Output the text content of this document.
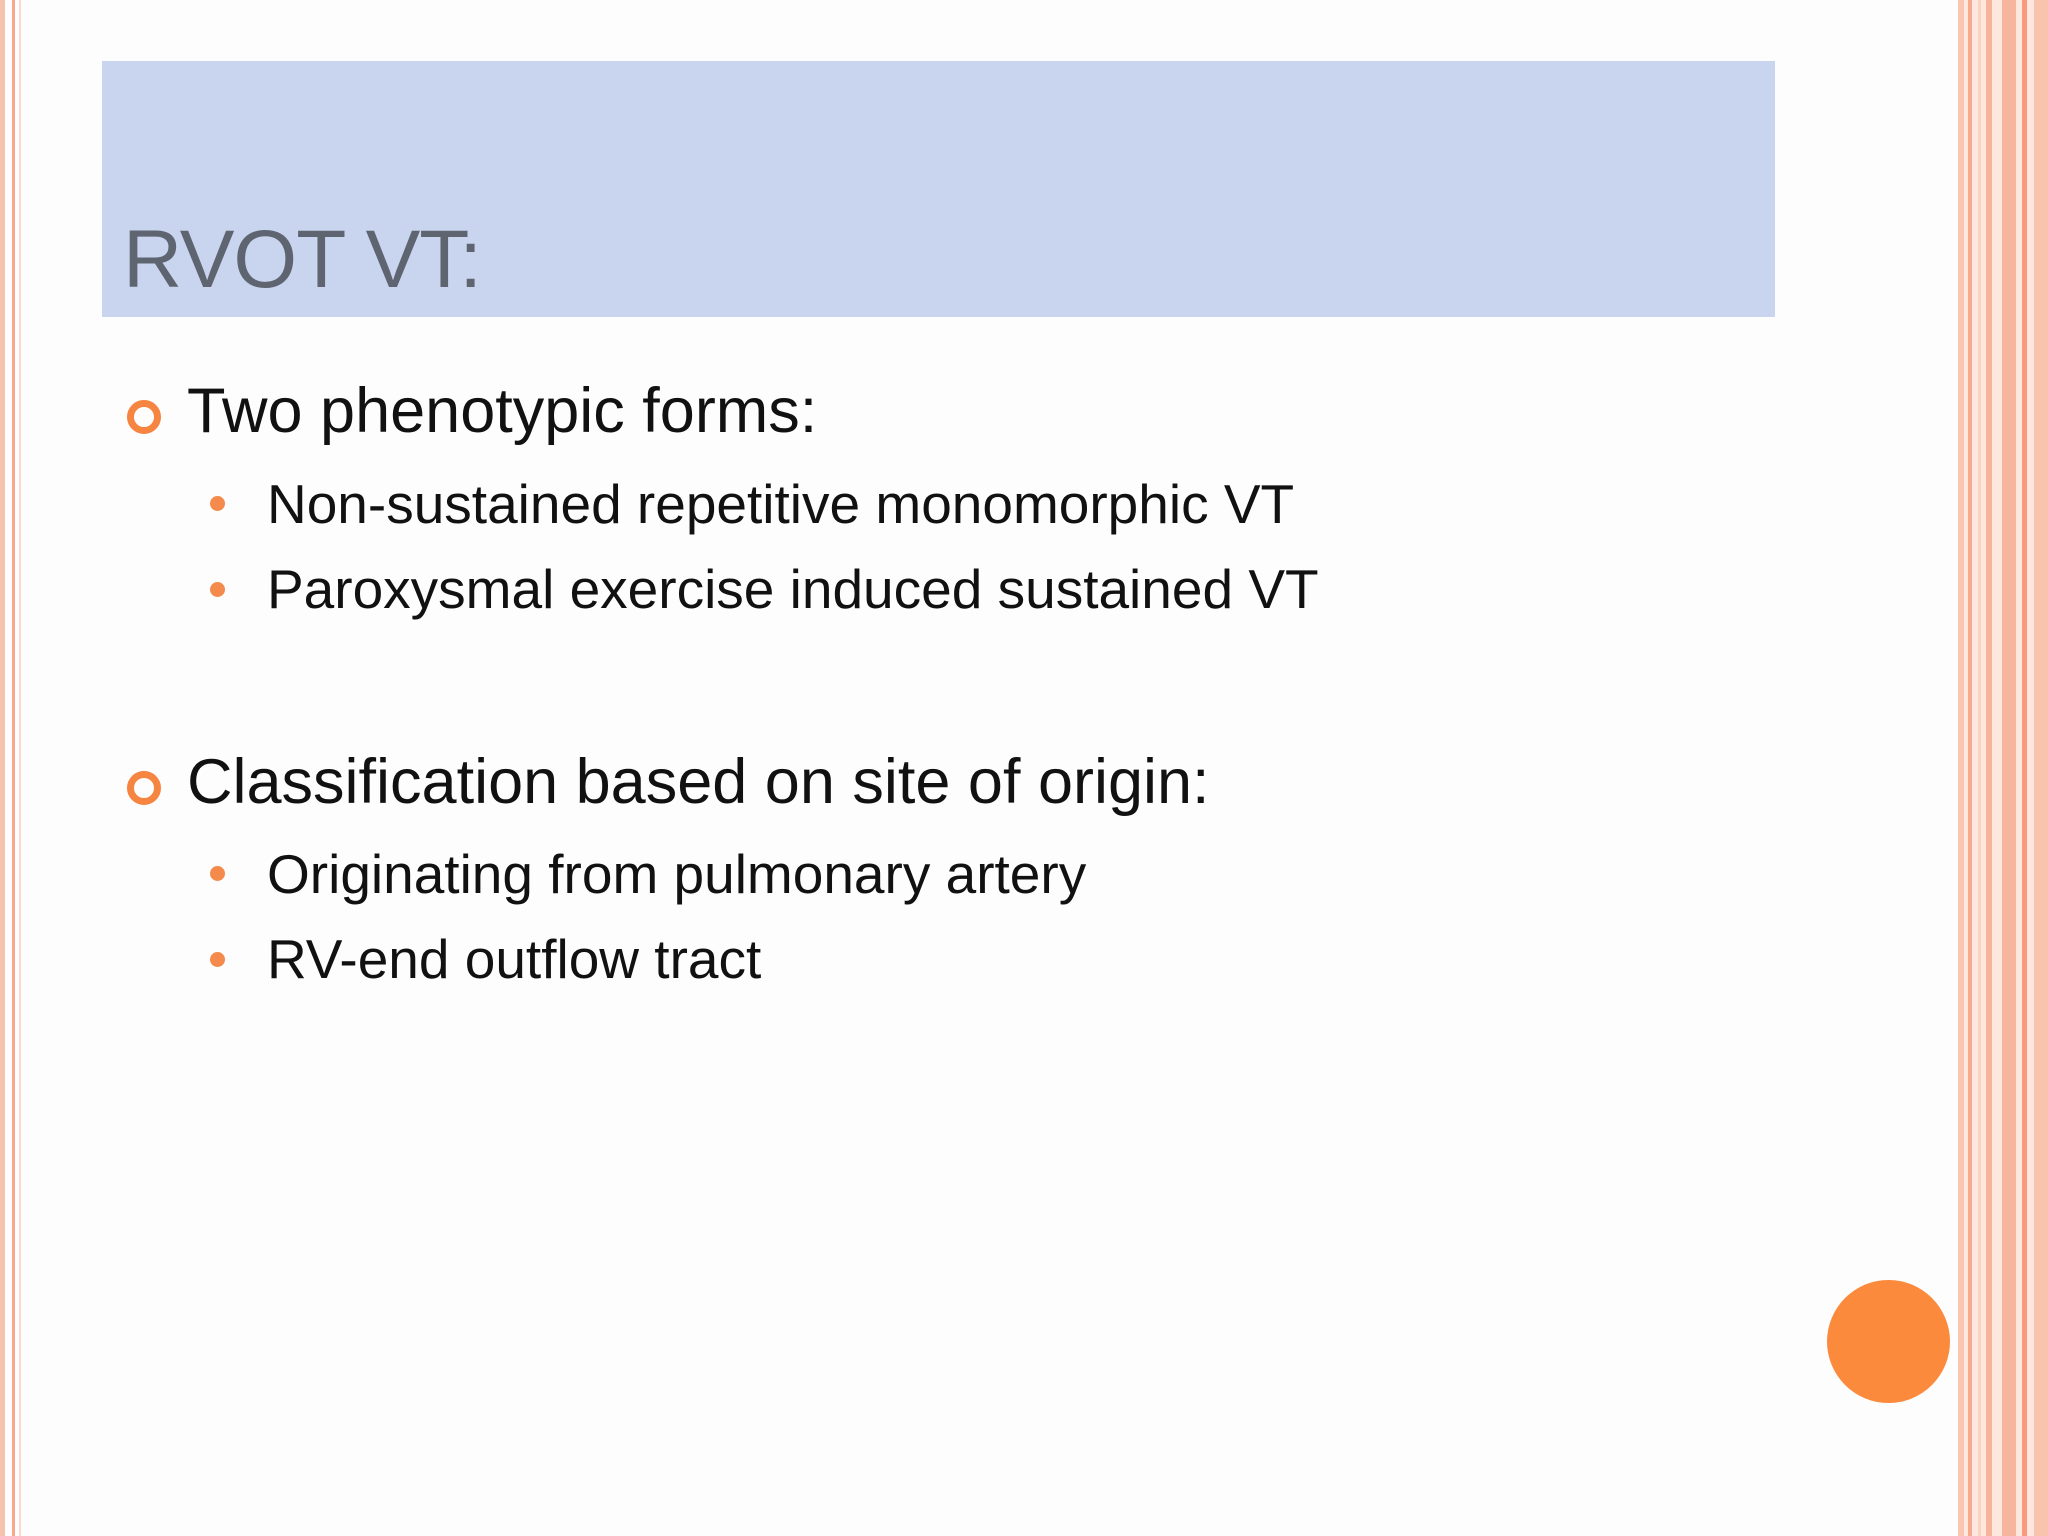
RVOT VT:
Two phenotypic forms:
Non-sustained repetitive monomorphic VT
Paroxysmal exercise induced sustained VT
Classification based on site of origin:
Originating from pulmonary artery
RV-end outflow tract
